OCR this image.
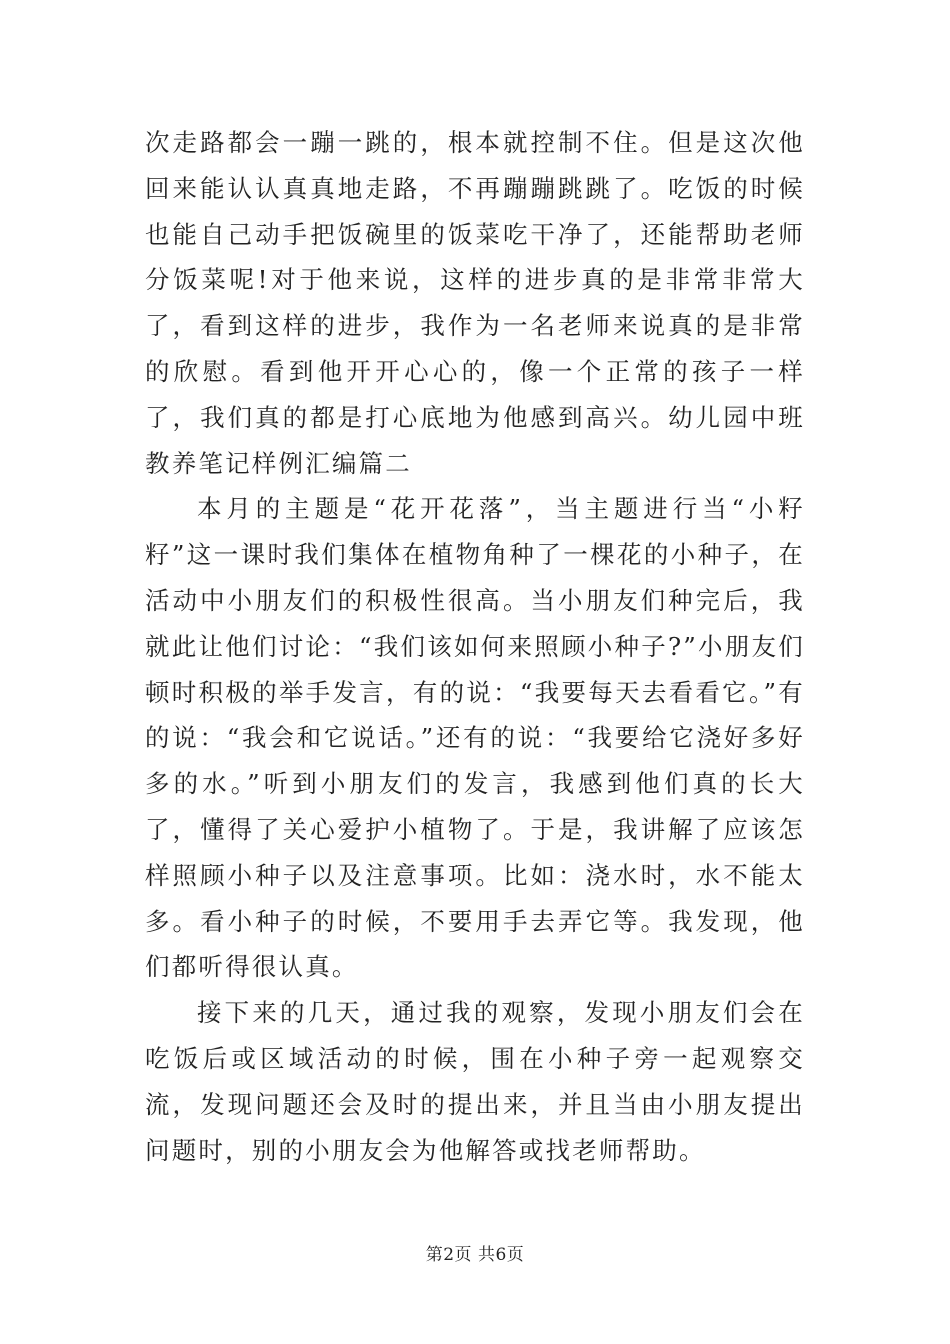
次走路都会一蹦一跳的，根本就控制不住。但是这次他回来能认认真真地走路，不再蹦蹦跳跳了。吃饭的时候也能自己动手把饭碗里的饭菜吃干净了，还能帮助老师分饭菜呢!对于他来说，这样的进步真的是非常非常大了，看到这样的进步，我作为一名老师来说真的是非常的欣慰。看到他开开心心的，像一个正常的孩子一样了，我们真的都是打心底地为他感到高兴。幼儿园中班教养笔记样例汇编篇二

本月的主题是“花开花落”，当主题进行当“小籽籽”这一课时我们集体在植物角种了一棵花的小种子，在活动中小朋友们的积极性很高。当小朋友们种完后，我就此让他们讨论：“我们该如何来照顾小种子?”小朋友们顿时积极的举手发言，有的说：“我要每天去看看它。”有的说：“我会和它说话。”还有的说：“我要给它浇好多好多的水。”听到小朋友们的发言，我感到他们真的长大了，懂得了关心爱护小植物了。于是，我讲解了应该怎样照顾小种子以及注意事项。比如：浇水时，水不能太多。看小种子的时候，不要用手去弄它等。我发现，他们都听得很认真。

接下来的几天，通过我的观察，发现小朋友们会在吃饭后或区域活动的时候，围在小种子旁一起观察交流，发现问题还会及时的提出来，并且当由小朋友提出问题时，别的小朋友会为他解答或找老师帮助。

第2页 共6页
